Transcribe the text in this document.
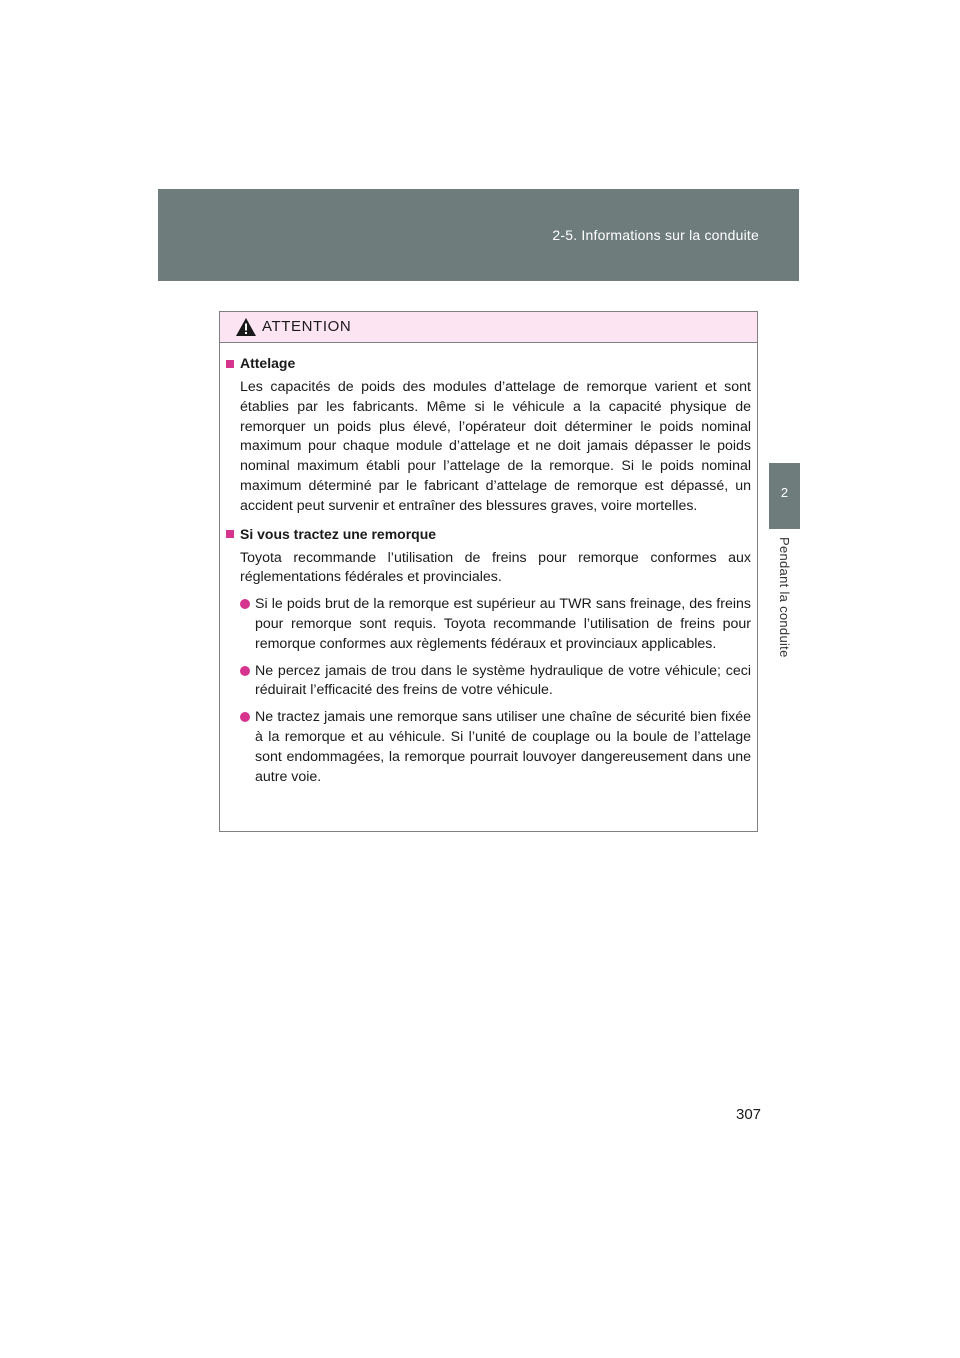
2-5. Informations sur la conduite
2
Pendant la conduite
ATTENTION
Attelage
Les capacités de poids des modules d’attelage de remorque varient et sont établies par les fabricants. Même si le véhicule a la capacité physique de remorquer un poids plus élevé, l’opérateur doit déterminer le poids nominal maximum pour chaque module d’attelage et ne doit jamais dépasser le poids nominal maximum établi pour l’attelage de la remorque. Si le poids nominal maximum déterminé par le fabricant d’attelage de remorque est dépassé, un accident peut survenir et entraîner des blessures graves, voire mortelles.
Si vous tractez une remorque
Toyota recommande l’utilisation de freins pour remorque conformes aux réglementations fédérales et provinciales.
Si le poids brut de la remorque est supérieur au TWR sans freinage, des freins pour remorque sont requis. Toyota recommande l’utilisation de freins pour remorque conformes aux règlements fédéraux et provinciaux applicables.
Ne percez jamais de trou dans le système hydraulique de votre véhicule; ceci réduirait l’efficacité des freins de votre véhicule.
Ne tractez jamais une remorque sans utiliser une chaîne de sécurité bien fixée à la remorque et au véhicule. Si l’unité de couplage ou la boule de l’attelage sont endommagées, la remorque pourrait louvoyer dangereusement dans une autre voie.
307
